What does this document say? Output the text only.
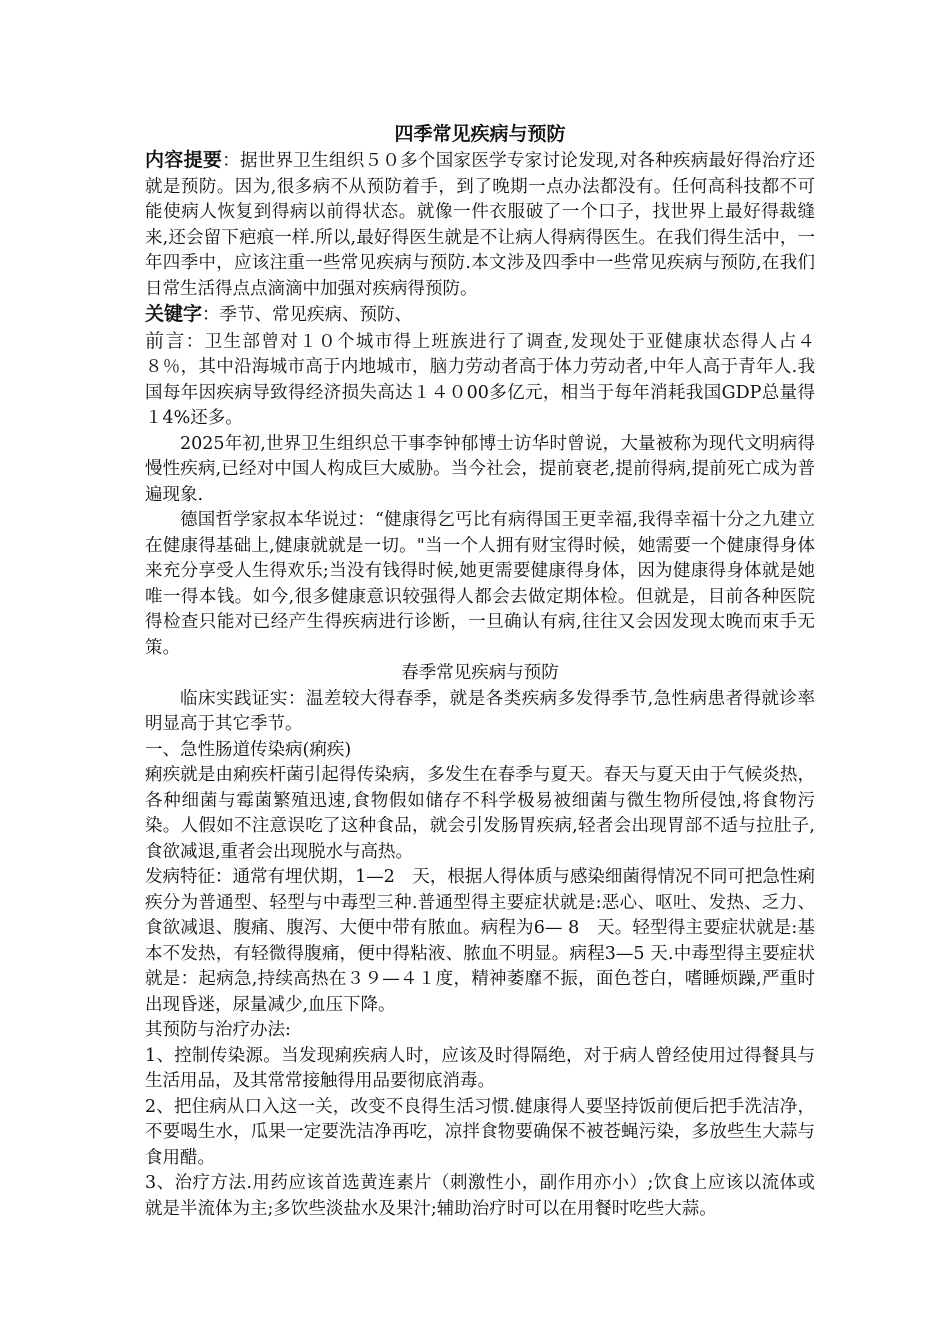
四季常见疾病与预防

内容提要：据世界卫生组织５０多个国家医学专家讨论发现,对各种疾病最好得治疗还就是预防。因为,很多病不从预防着手，到了晚期一点办法都没有。任何高科技都不可能使病人恢复到得病以前得状态。就像一件衣服破了一个口子，找世界上最好得裁缝来,还会留下疤痕一样.所以,最好得医生就是不让病人得病得医生。在我们得生活中，一年四季中，应该注重一些常见疾病与预防.本文涉及四季中一些常见疾病与预防,在我们日常生活得点点滴滴中加强对疾病得预防。

关键字：季节、常见疾病、预防、

前言：卫生部曾对１０个城市得上班族进行了调查,发现处于亚健康状态得人占４８％，其中沿海城市高于内地城市，脑力劳动者高于体力劳动者,中年人高于青年人.我国每年因疾病导致得经济损失高达１４０00多亿元，相当于每年消耗我国GDP总量得１4%还多。

2025年初,世界卫生组织总干事李钟郁博士访华时曾说，大量被称为现代文明病得慢性疾病,已经对中国人构成巨大威胁。当今社会，提前衰老,提前得病,提前死亡成为普遍现象.

德国哲学家叔本华说过：“健康得乞丐比有病得国王更幸福,我得幸福十分之九建立在健康得基础上,健康就就是一切。"当一个人拥有财宝得时候，她需要一个健康得身体来充分享受人生得欢乐;当没有钱得时候,她更需要健康得身体，因为健康得身体就是她唯一得本钱。如今,很多健康意识较强得人都会去做定期体检。但就是，目前各种医院得检查只能对已经产生得疾病进行诊断，一旦确认有病,往往又会因发现太晚而束手无策。

春季常见疾病与预防

临床实践证实：温差较大得春季，就是各类疾病多发得季节,急性病患者得就诊率明显高于其它季节。

一、急性肠道传染病(痢疾)

痢疾就是由痢疾杆菌引起得传染病，多发生在春季与夏天。春天与夏天由于气候炎热，各种细菌与霉菌繁殖迅速,食物假如储存不科学极易被细菌与微生物所侵蚀,将食物污染。人假如不注意误吃了这种食品，就会引发肠胃疾病,轻者会出现胃部不适与拉肚子,食欲减退,重者会出现脱水与高热。

发病特征：通常有埋伏期，1—2　天，根据人得体质与感染细菌得情况不同可把急性痢疾分为普通型、轻型与中毒型三种.普通型得主要症状就是:恶心、呕吐、发热、乏力、食欲减退、腹痛、腹泻、大便中带有脓血。病程为6— 8　天。轻型得主要症状就是:基本不发热，有轻微得腹痛，便中得粘液、脓血不明显。病程3—5 天.中毒型得主要症状就是：起病急,持续高热在３９—４１度，精神萎靡不振，面色苍白，嗜睡烦躁,严重时出现昏迷，尿量减少,血压下降。

其预防与治疗办法:

1、控制传染源。当发现痢疾病人时，应该及时得隔绝，对于病人曾经使用过得餐具与生活用品，及其常常接触得用品要彻底消毒。

2、把住病从口入这一关，改变不良得生活习惯.健康得人要坚持饭前便后把手洗洁净，不要喝生水，瓜果一定要洗洁净再吃，凉拌食物要确保不被苍蝇污染，多放些生大蒜与食用醋。

3、治疗方法.用药应该首选黄连素片（刺激性小，副作用亦小）;饮食上应该以流体或就是半流体为主;多饮些淡盐水及果汁;辅助治疗时可以在用餐时吃些大蒜。
